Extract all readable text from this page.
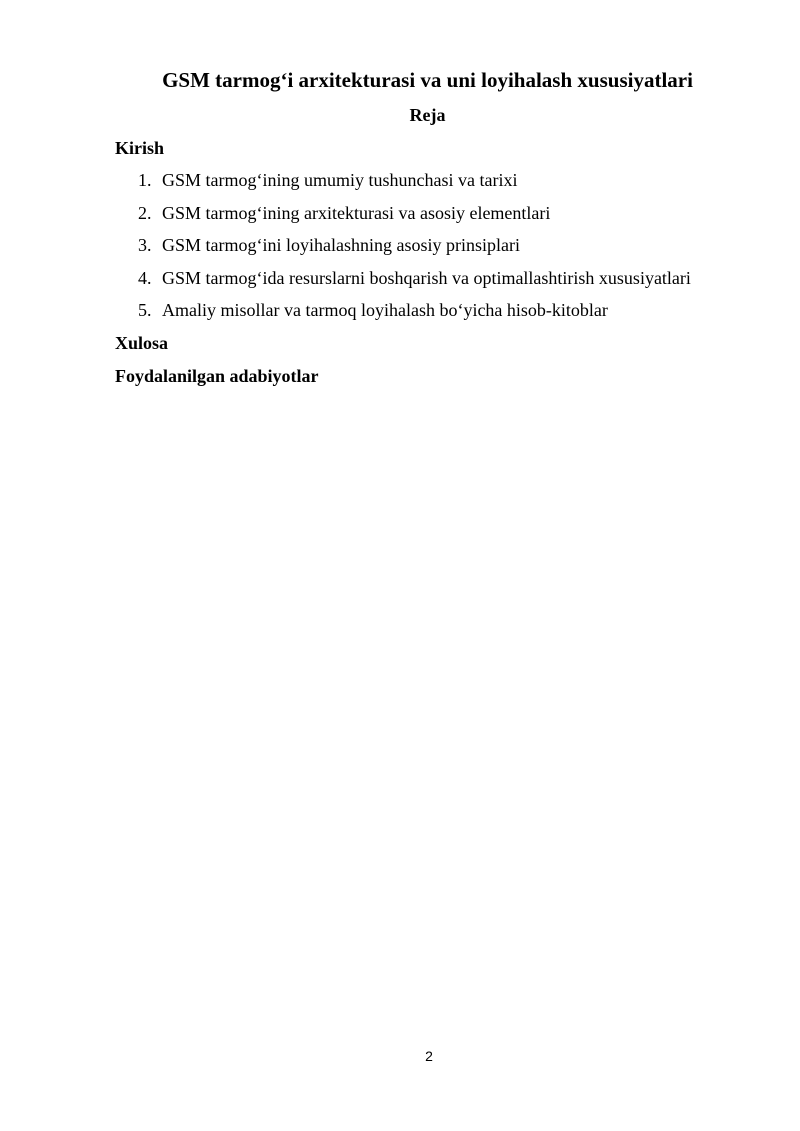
GSM tarmog‘i arxitekturasi va uni loyihalash xususiyatlari
Reja
Kirish
1. GSM tarmog‘ining umumiy tushunchasi va tarixi
2. GSM tarmog‘ining arxitekturasi va asosiy elementlari
3. GSM tarmog‘ini loyihalashning asosiy prinsiplari
4. GSM tarmog‘ida resurslarni boshqarish va optimallashtirish xususiyatlari
5. Amaliy misollar va tarmoq loyihalash bo‘yicha hisob-kitoblar
Xulosa
Foydalanilgan adabiyotlar
2
